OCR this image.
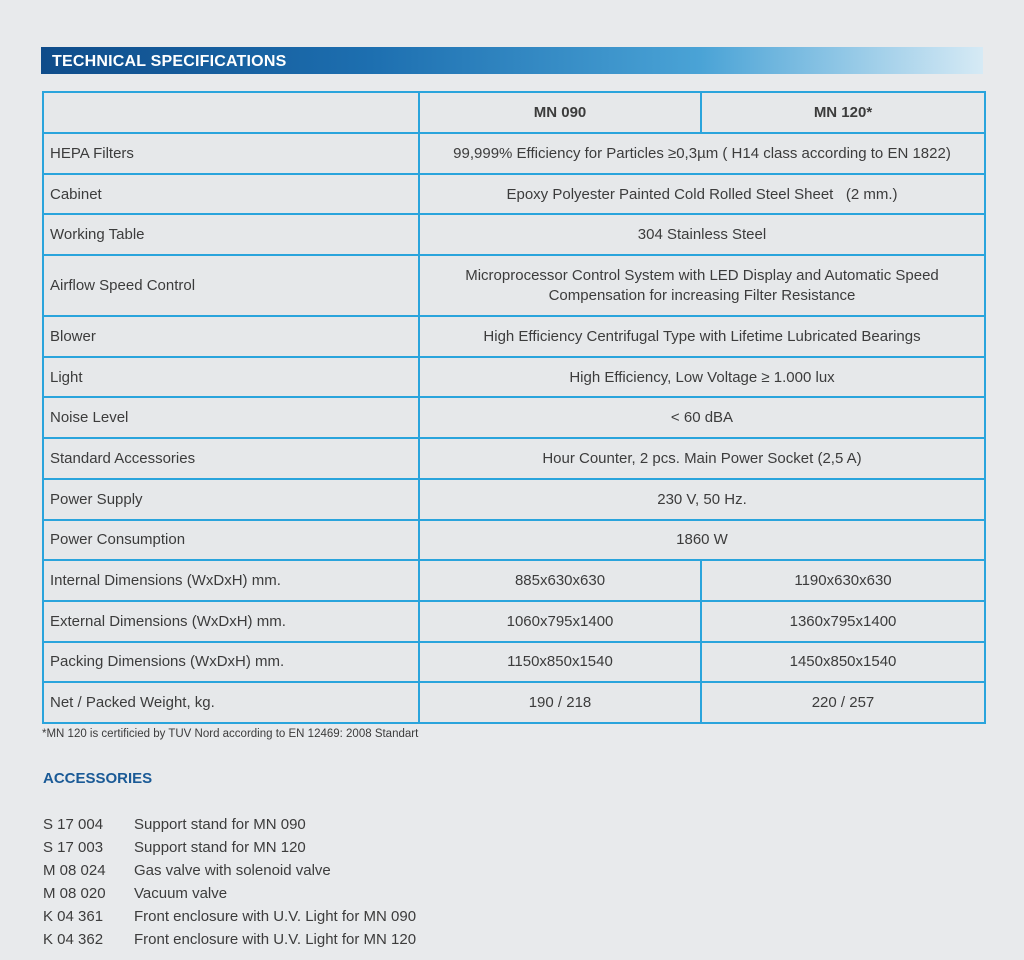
TECHNICAL SPECIFICATIONS
	MN 090	MN 120*
HEPA Filters	99,999% Efficiency for Particles ≥0,3µm ( H14 class according to EN 1822)	
Cabinet	Epoxy Polyester Painted Cold Rolled Steel Sheet   (2 mm.)	
Working Table	304 Stainless Steel	
Airflow Speed Control	Microprocessor Control System with LED Display and Automatic Speed
Compensation for increasing Filter Resistance	

Blower	High Efficiency Centrifugal Type with Lifetime Lubricated Bearings	
Light	High Efficiency, Low Voltage ≥ 1.000 lux	
Noise Level	< 60 dBA	
Standard Accessories	Hour Counter, 2 pcs. Main Power Socket (2,5 A)	
Power Supply	230 V, 50 Hz.	
Power Consumption	1860 W	
Internal Dimensions (WxDxH) mm.	885x630x630	1190x630x630
External Dimensions (WxDxH) mm.	1060x795x1400	1360x795x1400
Packing Dimensions (WxDxH) mm.	1150x850x1540	1450x850x1540
Net / Packed Weight, kg.	190 / 218	220 / 257
*MN 120 is certificied by TUV Nord according to EN 12469: 2008 Standart
ACCESSORIES
S 17 004	Support stand for MN 090
S 17 003	Support stand for MN 120
M 08 024	Gas valve with solenoid valve
M 08 020	Vacuum valve
K 04 361	Front enclosure with U.V. Light for MN 090
K 04 362	Front enclosure with U.V. Light for MN 120
